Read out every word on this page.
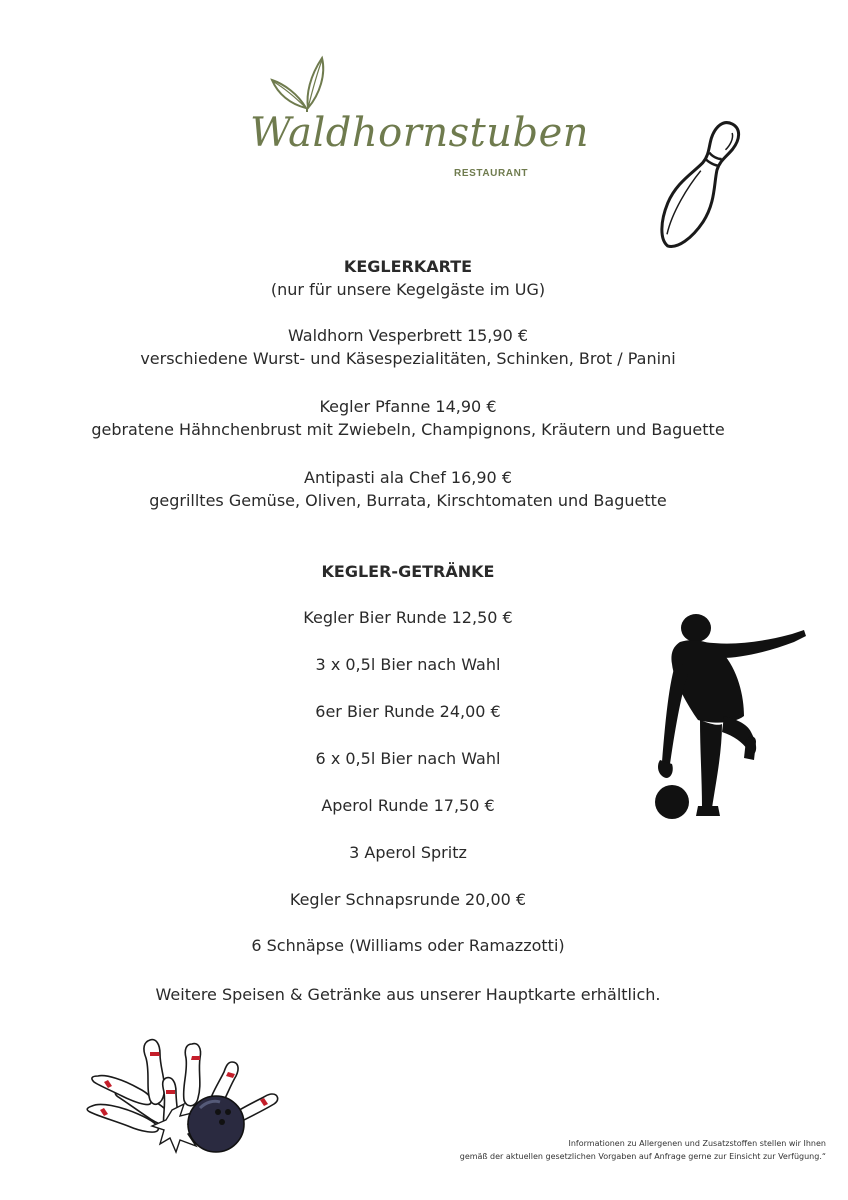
Waldhornstuben
RESTAURANT
KEGLERKARTE
(nur für unsere Kegelgäste im UG)
Waldhorn Vesperbrett 15,90 €
verschiedene Wurst- und Käsespezialitäten, Schinken, Brot / Panini
Kegler Pfanne 14,90 €
gebratene Hähnchenbrust mit Zwiebeln, Champignons, Kräutern und Baguette
Antipasti ala Chef 16,90 €
gegrilltes Gemüse, Oliven, Burrata, Kirschtomaten und Baguette
KEGLER-GETRÄNKE
Kegler Bier Runde 12,50 €
3 x 0,5l Bier nach Wahl
6er Bier Runde 24,00 €
6 x 0,5l Bier nach Wahl
Aperol Runde 17,50 €
3 Aperol Spritz
Kegler Schnapsrunde 20,00 €
6 Schnäpse (Williams oder Ramazzotti)
Weitere Speisen & Getränke aus unserer Hauptkarte erhältlich.
Informationen zu Allergenen und Zusatzstoffen stellen wir Ihnen
gemäß der aktuellen gesetzlichen Vorgaben auf Anfrage gerne zur Einsicht zur Verfügung.“
